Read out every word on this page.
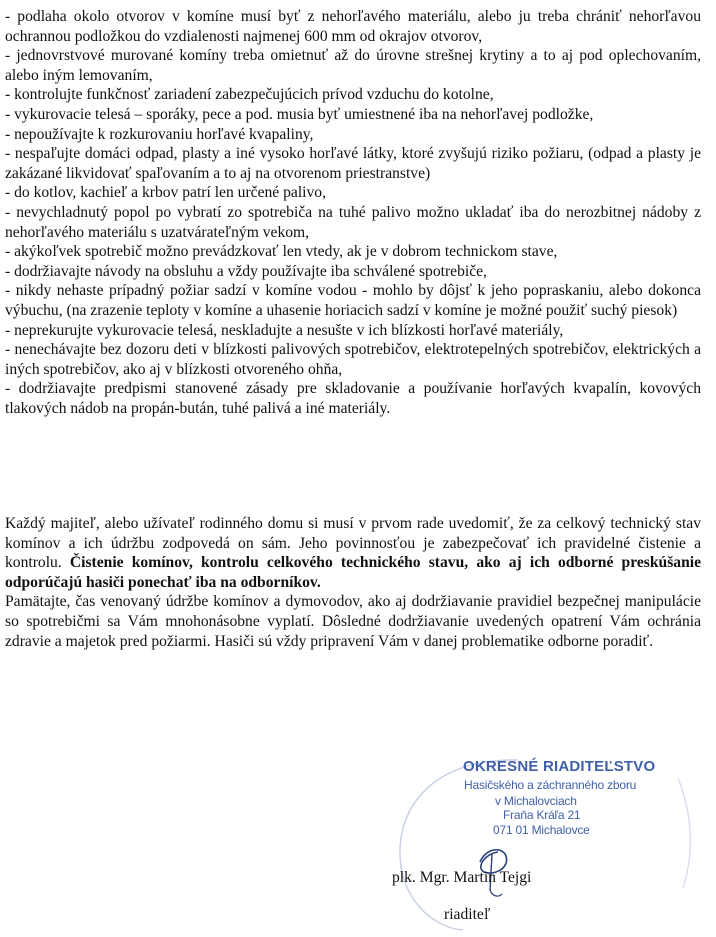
- podlaha okolo otvorov v komíne musí byť z nehorľavého materiálu, alebo ju treba chrániť nehorľavou ochrannou podložkou do vzdialenosti najmenej 600 mm od okrajov otvorov,
- jednovrstvové murované komíny treba omietnuť až do úrovne strešnej krytiny a to aj pod oplechovaním, alebo iným lemovaním,
- kontrolujte funkčnosť zariadení zabezpečujúcich prívod vzduchu do kotolne,
- vykurovacie telesá – sporáky, pece a pod. musia byť umiestnené iba na nehorľavej podložke,
- nepoužívajte k rozkurovaniu horľavé kvapaliny,
- nespaľujte domáci odpad, plasty a iné vysoko horľavé látky, ktoré zvyšujú riziko požiaru, (odpad a plasty je zakázané likvidovať spaľovaním a to aj na otvorenom priestranstve)
- do kotlov, kachieľ a krbov patrí len určené palivo,
- nevychladnutý popol po vybratí zo spotrebiča na tuhé palivo možno ukladať iba do nerozbitnej nádoby z nehorľavého materiálu s uzatvárateľným vekom,
- akýkoľvek spotrebič možno prevádzkovať len vtedy, ak je v dobrom technickom stave,
- dodržiavajte návody na obsluhu a vždy používajte iba schválené spotrebiče,
- nikdy nehaste prípadný požiar sadzí v komíne vodou - mohlo by dôjsť k jeho popraskaniu, alebo dokonca výbuchu, (na zrazenie teploty v komíne a uhasenie horiacich sadzí v komíne je možné použiť suchý piesok)
- neprekurujte vykurovacie telesá, neskladujte a nesušte v ich blízkosti horľavé materiály,
- nenechávajte bez dozoru deti v blízkosti palivových spotrebičov, elektrotepelných spotrebičov, elektrických a iných spotrebičov, ako aj v blízkosti otvoreného ohňa,
- dodržiavajte predpismi stanovené zásady pre skladovanie a používanie horľavých kvapalín, kovových tlakových nádob na propán-bután, tuhé palivá a iné materiály.

Každý majiteľ, alebo užívateľ rodinného domu si musí v prvom rade uvedomiť, že za celkový technický stav komínov a ich údržbu zodpovedá on sám. Jeho povinnosťou je zabezpečovať ich pravidelné čistenie a kontrolu. Čistenie komínov, kontrolu celkového technického stavu, ako aj ich odborné preskúšanie odporúčajú hasiči ponechať iba na odborníkov.

Pamätajte, čas venovaný údržbe komínov a dymovodov, ako aj dodržiavanie pravidiel bezpečnej manipulácie so spotrebičmi sa Vám mnohonásobne vyplatí. Dôsledné dodržiavanie uvedených opatrení Vám ochránia zdravie a majetok pred požiarmi. Hasiči sú vždy pripravení Vám v danej problematike odborne poradiť.

OKRESNÉ RIADITEĽSTVO
Hasičského a záchranného zboru
v Michalovciach
Fraňa Kráľa 21
071 01 Michalovce
plk. Mgr. Martin Tejgi
riaditeľ
